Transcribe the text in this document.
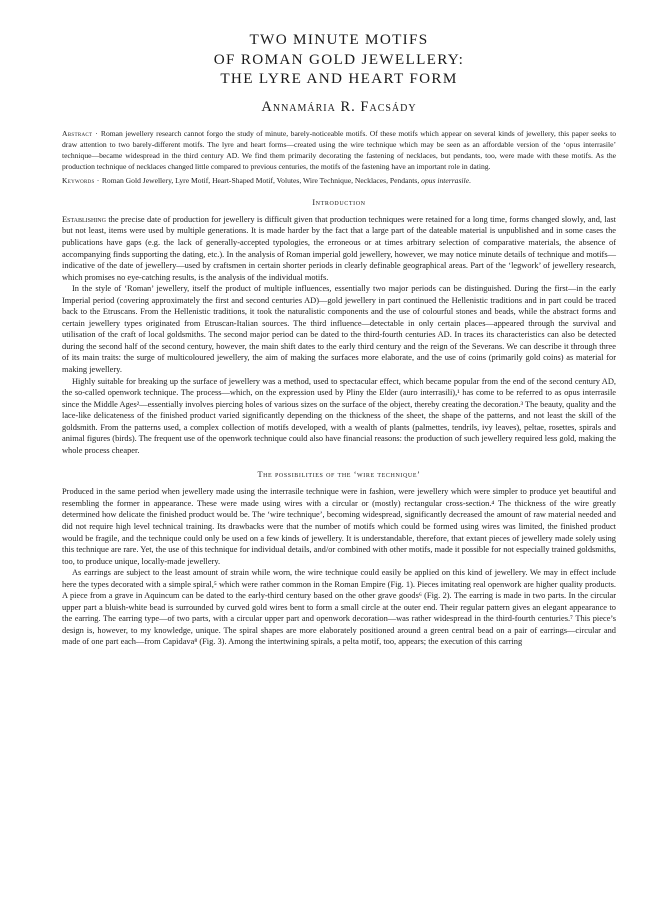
TWO MINUTE MOTIFS
OF ROMAN GOLD JEWELLERY:
THE LYRE AND HEART FORM
Annamária R. Facsády

Abstract · Roman jewellery research cannot forgo the study of minute, barely-noticeable motifs. Of these motifs which appear on several kinds of jewellery, this paper seeks to draw attention to two barely-different motifs. The lyre and heart forms—created using the wire technique which may be seen as an affordable version of the ‘opus interrasile’ technique—became widespread in the third century AD. We find them primarily decorating the fastening of necklaces, but pendants, too, were made with these motifs. As the production technique of necklaces changed little compared to previous centuries, the motifs of the fastening have an important role in dating.

Keywords · Roman Gold Jewellery, Lyre Motif, Heart-Shaped Motif, Volutes, Wire Technique, Necklaces, Pendants, opus interrasile.

Introduction

Establishing the precise date of production for jewellery is difficult given that production techniques were retained for a long time, forms changed slowly, and, last but not least, items were used by multiple generations. It is made harder by the fact that a large part of the dateable material is unpublished and in some cases the publications have gaps (e.g. the lack of generally-accepted typologies, the erroneous or at times arbitrary selection of comparative materials, the absence of accompanying finds supporting the dating, etc.). In the analysis of Roman imperial gold jewellery, however, we may notice minute details of technique and motifs—indicative of the date of jewellery—used by craftsmen in certain shorter periods in clearly definable geographical areas. Part of the ‘legwork’ of jewellery research, which promises no eye-catching results, is the analysis of the individual motifs.

In the style of ‘Roman’ jewellery, itself the product of multiple influences, essentially two major periods can be distinguished. During the first—in the early Imperial period (covering approximately the first and second centuries AD)—gold jewellery in part continued the Hellenistic traditions and in part could be traced back to the Etruscans. From the Hellenistic traditions, it took the naturalistic components and the use of colourful stones and beads, while the abstract forms and certain jewellery types originated from Etruscan-Italian sources. The third influence—detectable in only certain places—appeared through the survival and utilisation of the craft of local goldsmiths. The second major period can be dated to the third-fourth centuries AD. In traces its characteristics can also be detected during the second half of the second century, however, the main shift dates to the early third century and the reign of the Severans. We can describe it through three of its main traits: the surge of multicoloured jewellery, the aim of making the surfaces more elaborate, and the use of coins (primarily gold coins) as material for making jewellery.

Highly suitable for breaking up the surface of jewellery was a method, used to spectacular effect, which became popular from the end of the second century AD, the so-called openwork technique. The process—which, on the expression used by Pliny the Elder (auro interrasili),¹ has come to be referred to as opus interrasile since the Middle Ages²—essentially involves piercing holes of various sizes on the surface of the object, thereby creating the decoration.³ The beauty, quality and the lace-like delicateness of the finished product varied significantly depending on the thickness of the sheet, the shape of the patterns, and not least the skill of the goldsmith. From the patterns used, a complex collection of motifs developed, with a wealth of plants (palmettes, tendrils, ivy leaves), peltae, rosettes, spirals and animal figures (birds). The frequent use of the openwork technique could also have financial reasons: the production of such jewellery required less gold, making the whole process cheaper.

The possibilities of the ‘wire technique’

Produced in the same period when jewellery made using the interrasile technique were in fashion, were jewellery which were simpler to produce yet beautiful and resembling the former in appearance. These were made using wires with a circular or (mostly) rectangular cross-section.⁴ The thickness of the wire greatly determined how delicate the finished product would be. The ‘wire technique’, becoming widespread, significantly decreased the amount of raw material needed and did not require high level technical training. Its drawbacks were that the number of motifs which could be formed using wires was limited, the finished product would be fragile, and the technique could only be used on a few kinds of jewellery. It is understandable, therefore, that extant pieces of jewellery made solely using this technique are rare. Yet, the use of this technique for individual details, and/or combined with other motifs, made it possible for not especially trained goldsmiths, too, to produce unique, locally-made jewellery.

As earrings are subject to the least amount of strain while worn, the wire technique could easily be applied on this kind of jewellery. We may in effect include here the types decorated with a simple spiral,⁵ which were rather common in the Roman Empire (Fig. 1). Pieces imitating real openwork are higher quality products. A piece from a grave in Aquincum can be dated to the early-third century based on the other grave goods⁶ (Fig. 2). The earring is made in two parts. In the circular upper part a bluish-white bead is surrounded by curved gold wires bent to form a small circle at the outer end. Their regular pattern gives an elegant appearance to the earring. The earring type—of two parts, with a circular upper part and openwork decoration—was rather widespread in the third-fourth centuries.⁷ This piece’s design is, however, to my knowledge, unique. The spiral shapes are more elaborately positioned around a green central bead on a pair of earrings—circular and made of one part each—from Capidava⁸ (Fig. 3). Among the intertwining spirals, a pelta motif, too, appears; the execution of this carring
